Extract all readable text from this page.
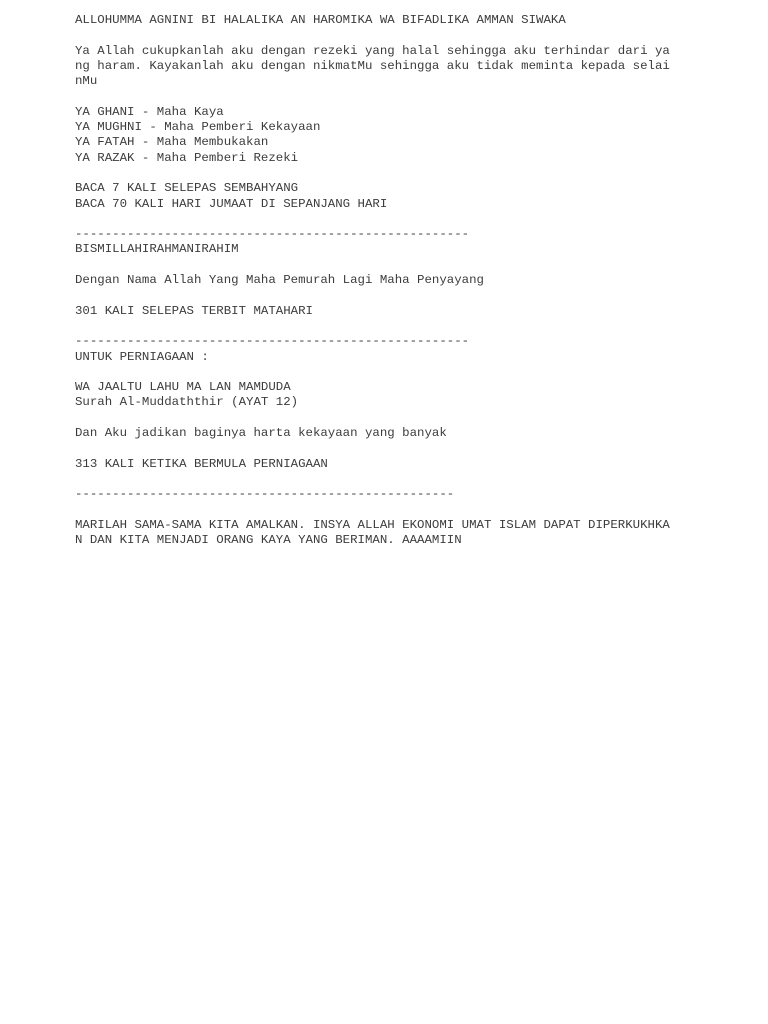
ALLOHUMMA AGNINI BI HALALIKA AN HAROMIKA WA BIFADLIKA AMMAN SIWAKA
Ya Allah cukupkanlah aku dengan rezeki yang halal sehingga aku terhindar dari ya
ng haram. Kayakanlah aku dengan nikmatMu sehingga aku tidak meminta kepada selai
nMu
YA GHANI - Maha Kaya
YA MUGHNI - Maha Pemberi Kekayaan
YA FATAH - Maha Membukakan
YA RAZAK - Maha Pemberi Rezeki
BACA 7 KALI SELEPAS SEMBAHYANG
BACA 70 KALI HARI JUMAAT DI SEPANJANG HARI
-----------------------------------------------------
BISMILLAHIRAHMANIRAHIM
Dengan Nama Allah Yang Maha Pemurah Lagi Maha Penyayang
301 KALI SELEPAS TERBIT MATAHARI
-----------------------------------------------------
UNTUK PERNIAGAAN :
WA JAALTU LAHU MA LAN MAMDUDA
Surah Al-Muddaththir (AYAT 12)
Dan Aku jadikan baginya harta kekayaan yang banyak
313 KALI KETIKA BERMULA PERNIAGAAN
---------------------------------------------------
MARILAH SAMA-SAMA KITA AMALKAN. INSYA ALLAH EKONOMI UMAT ISLAM DAPAT DIPERKUKHKA
N DAN KITA MENJADI ORANG KAYA YANG BERIMAN. AAAAMIIN
